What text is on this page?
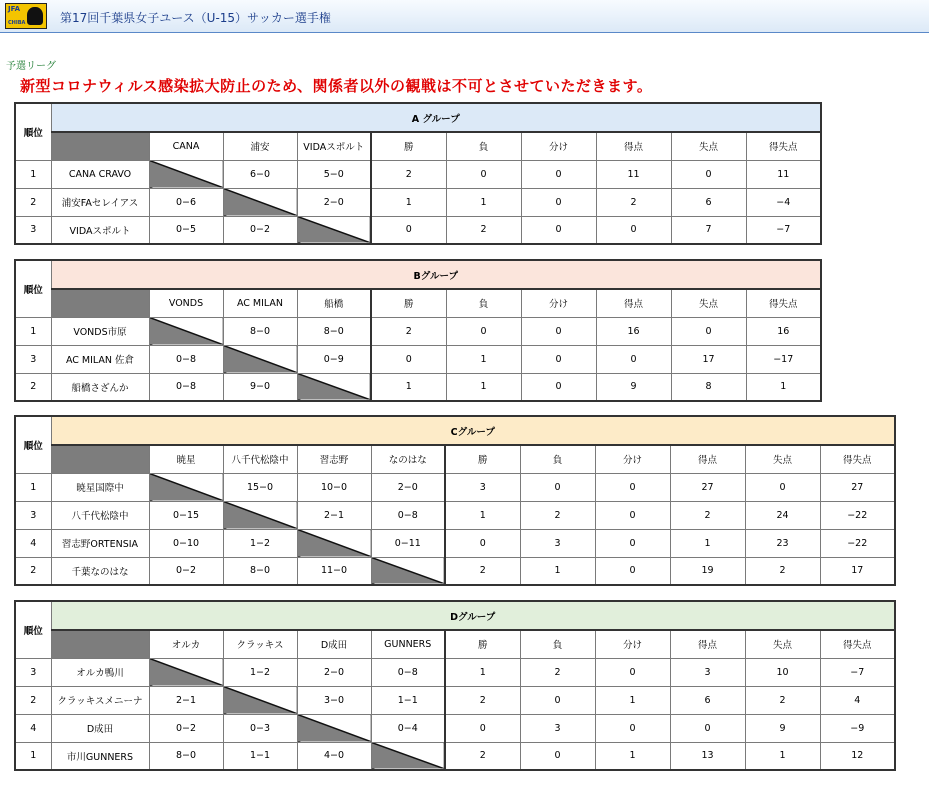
JFA
CHIBA	第17回千葉県女子ユース（U-15）サッカー選手権
予選リーグ
新型コロナウィルス感染拡大防止のため、関係者以外の観戦は不可とさせていただきます。
順位	A グループ									
		CANA	浦安	VIDAスポルト	勝	負	分け	得点	失点	得失点
1	CANA CRAVO		6−0	5−0	2	0	0	11	0	11
2	浦安FAセレイアス	0−6		2−0	1	1	0	2	6	−4
3	VIDAスポルト	0−5	0−2		0	2	0	0	7	−7
順位	Bグループ									
		VONDS	AC MILAN	船橋	勝	負	分け	得点	失点	得失点
1	VONDS市原		8−0	8−0	2	0	0	16	0	16
3	AC MILAN 佐倉	0−8		0−9	0	1	0	0	17	−17
2	船橋さざんか	0−8	9−0		1	1	0	9	8	1
順位	Cグループ										
		暁星	八千代松陰中	習志野	なのはな	勝	負	分け	得点	失点	得失点
1	暁星国際中		15−0	10−0	2−0	3	0	0	27	0	27
3	八千代松陰中	0−15		2−1	0−8	1	2	0	2	24	−22
4	習志野ORTENSIA	0−10	1−2		0−11	0	3	0	1	23	−22
2	千葉なのはな	0−2	8−0	11−0		2	1	0	19	2	17
順位	Dグループ										
		オルカ	クラッキス	D成田	GUNNERS	勝	負	分け	得点	失点	得失点
3	オルカ鴨川		1−2	2−0	0−8	1	2	0	3	10	−7
2	クラッキスメニーナ	2−1		3−0	1−1	2	0	1	6	2	4
4	D成田	0−2	0−3		0−4	0	3	0	0	9	−9
1	市川GUNNERS	8−0	1−1	4−0		2	0	1	13	1	12
